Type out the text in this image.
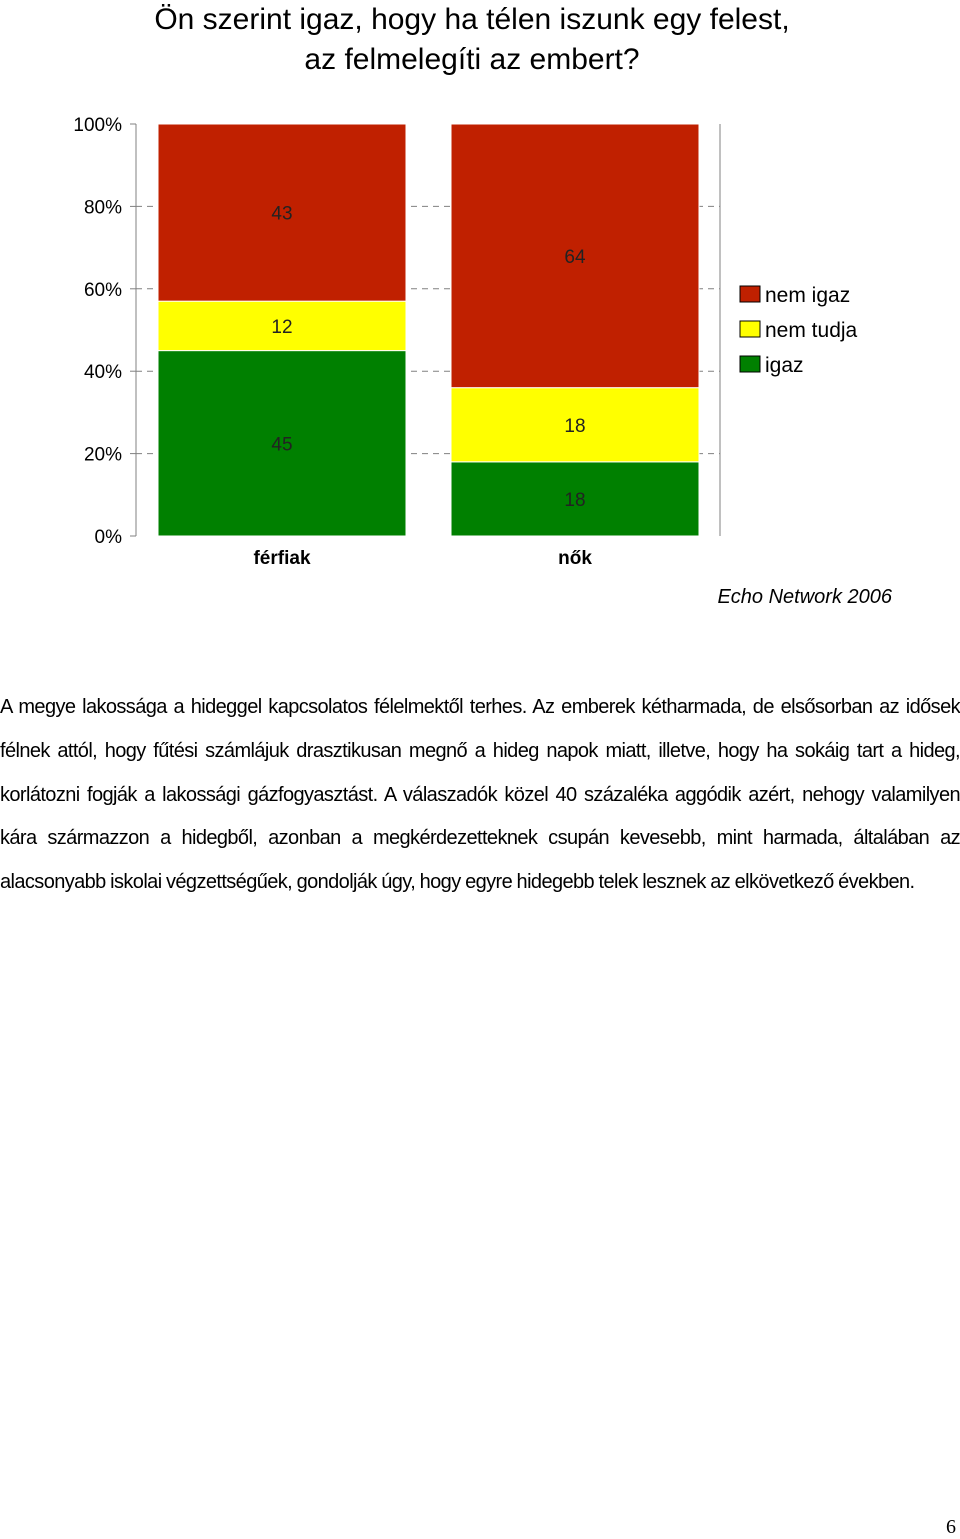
Ön szerint igaz, hogy ha télen iszunk egy felest,
az felmelegíti az embert?
45
12
43
18
18
64
0%
20%
40%
60%
80%
100%
férfiak	nők
nem igaz
nem tudja
igaz
Echo Network 2006
A megye lakossága a hideggel kapcsolatos félelmektől terhes. Az emberek kétharmada, de elsősorban az idősek félnek attól, hogy fűtési számlájuk drasztikusan megnő a hideg napok miatt, illetve, hogy ha sokáig tart a hideg, korlátozni fogják a lakossági gázfogyasztást. A válaszadók közel 40 százaléka aggódik azért, nehogy valamilyen kára származzon a hidegből, azonban a megkérdezetteknek csupán kevesebb, mint harmada, általában az alacsonyabb iskolai végzettségűek, gondolják úgy, hogy egyre hidegebb telek lesznek az elkövetkező években.
6
